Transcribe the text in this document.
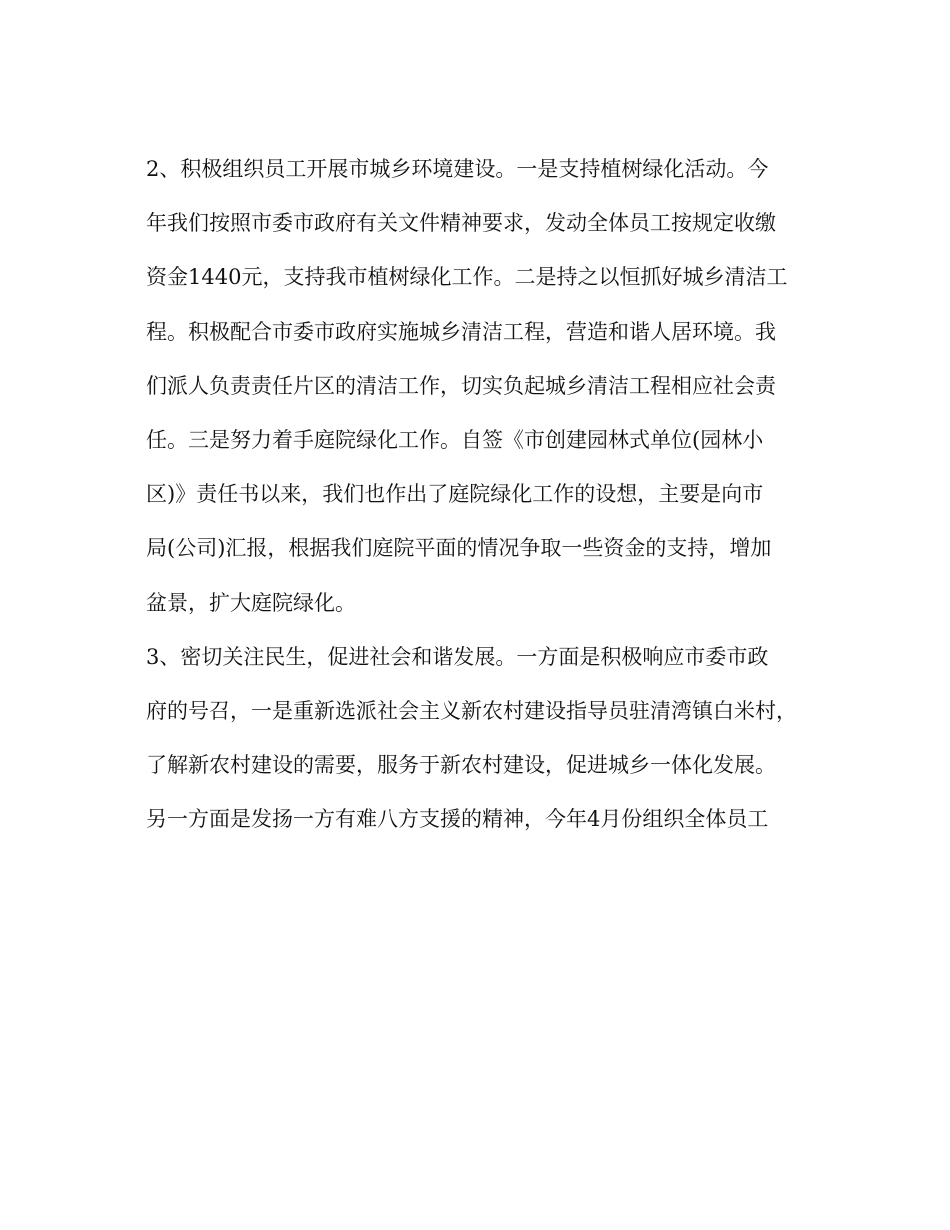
2、积极组织员工开展市城乡环境建设。一是支持植树绿化活动。今
年我们按照市委市政府有关文件精神要求，发动全体员工按规定收缴
资金1440元，支持我市植树绿化工作。二是持之以恒抓好城乡清洁工
程。积极配合市委市政府实施城乡清洁工程，营造和谐人居环境。我
们派人负责责任片区的清洁工作，切实负起城乡清洁工程相应社会责
任。三是努力着手庭院绿化工作。自签《市创建园林式单位(园林小
区)》责任书以来，我们也作出了庭院绿化工作的设想，主要是向市
局(公司)汇报，根据我们庭院平面的情况争取一些资金的支持，增加
盆景，扩大庭院绿化。
3、密切关注民生，促进社会和谐发展。一方面是积极响应市委市政
府的号召，一是重新选派社会主义新农村建设指导员驻清湾镇白米村，
了解新农村建设的需要，服务于新农村建设，促进城乡一体化发展。
另一方面是发扬一方有难八方支援的精神，今年4月份组织全体员工
